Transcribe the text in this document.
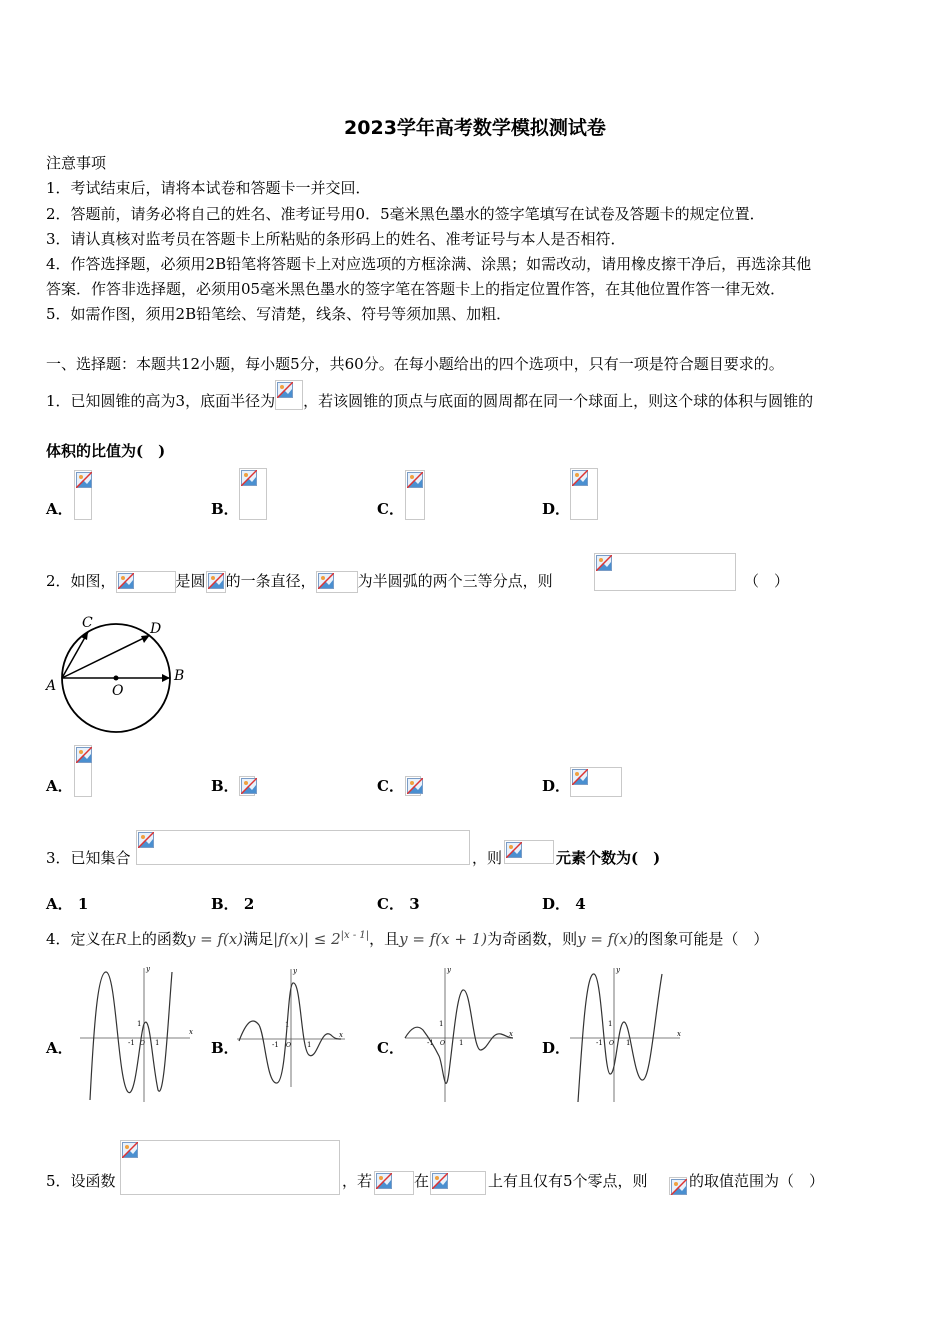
2023学年高考数学模拟测试卷
注意事项
1．考试结束后，请将本试卷和答题卡一并交回．
2．答题前，请务必将自己的姓名、准考证号用0．5毫米黑色墨水的签字笔填写在试卷及答题卡的规定位置．
3．请认真核对监考员在答题卡上所粘贴的条形码上的姓名、准考证号与本人是否相符．
4．作答选择题，必须用2B铅笔将答题卡上对应选项的方框涂满、涂黑；如需改动，请用橡皮擦干净后，再选涂其他
答案．作答非选择题，必须用05毫米黑色墨水的签字笔在答题卡上的指定位置作答，在其他位置作答一律无效．
5．如需作图，须用2B铅笔绘、写清楚，线条、符号等须加黑、加粗．
一、选择题：本题共12小题，每小题5分，共60分。在每小题给出的四个选项中，只有一项是符合题目要求的。
1．已知圆锥的高为3，底面半径为 ，若该圆锥的顶点与底面的圆周都在同一个球面上，则这个球的体积与圆锥的
体积的比值为(　)
A．	B．	C．	D．
2．如图，	是圆 的一条直径，	为半圆弧的两个三等分点，则	（　）
A
B
C	D
O
A．	B．	C．	D．
3．已知集合	，则	元素个数为(　)
A． 1	B． 2	C． 3	D． 4
4．定义在R上的函数y = f(x)满足$|f(x)| \le 2^{|x - 1|}$，且y = f(x + 1)为奇函数，则y = f(x)的图象可能是（　）
A．
x
y
-1	1
1
O	B．
x
y
-1	1
1
O	C．
x
y
-1	1
1
O	D．
x
y
-1	1
1
O
5．设函数	，若	在	上有且仅有5个零点，则	的取值范围为（　）
